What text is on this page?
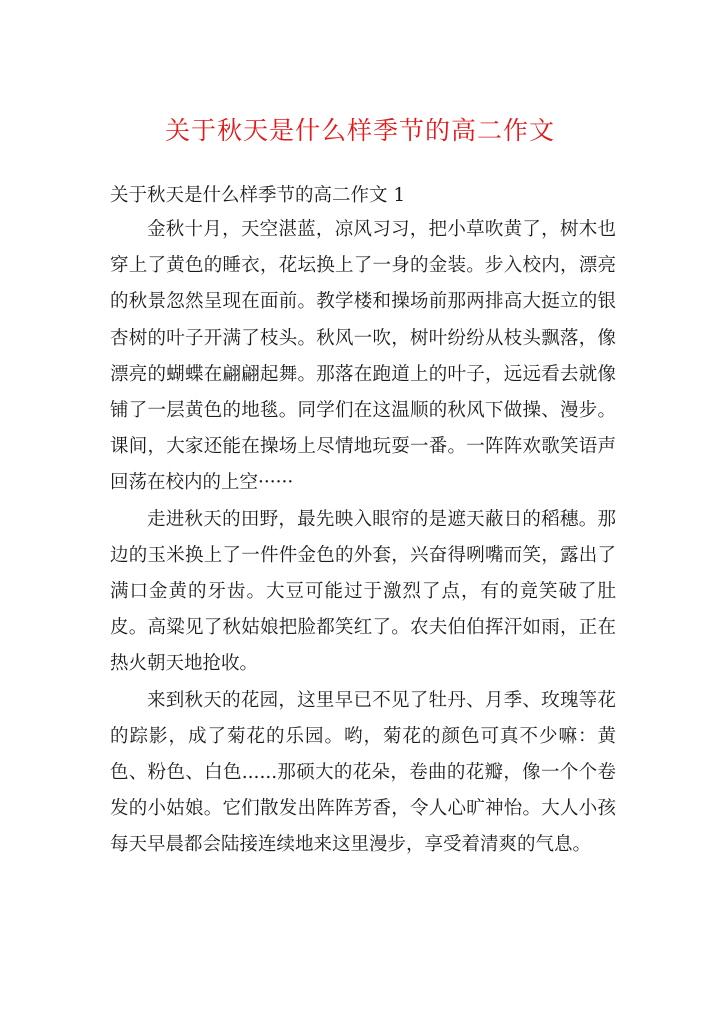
关于秋天是什么样季节的高二作文
关于秋天是什么样季节的高二作文 1

金秋十月，天空湛蓝，凉风习习，把小草吹黄了，树木也穿上了黄色的睡衣，花坛换上了一身的金装。步入校内，漂亮的秋景忽然呈现在面前。教学楼和操场前那两排高大挺立的银杏树的叶子开满了枝头。秋风一吹，树叶纷纷从枝头飘落，像漂亮的蝴蝶在翩翩起舞。那落在跑道上的叶子，远远看去就像铺了一层黄色的地毯。同学们在这温顺的秋风下做操、漫步。课间，大家还能在操场上尽情地玩耍一番。一阵阵欢歌笑语声回荡在校内的上空······

走进秋天的田野，最先映入眼帘的是遮天蔽日的稻穗。那边的玉米换上了一件件金色的外套，兴奋得咧嘴而笑，露出了满口金黄的牙齿。大豆可能过于激烈了点，有的竟笑破了肚皮。高粱见了秋姑娘把脸都笑红了。农夫伯伯挥汗如雨，正在热火朝天地抢收。

来到秋天的花园，这里早已不见了牡丹、月季、玫瑰等花的踪影，成了菊花的乐园。哟，菊花的颜色可真不少嘛：黄色、粉色、白色......那硕大的花朵，卷曲的花瓣，像一个个卷发的小姑娘。它们散发出阵阵芳香，令人心旷神怡。大人小孩每天早晨都会陆接连续地来这里漫步，享受着清爽的气息。
